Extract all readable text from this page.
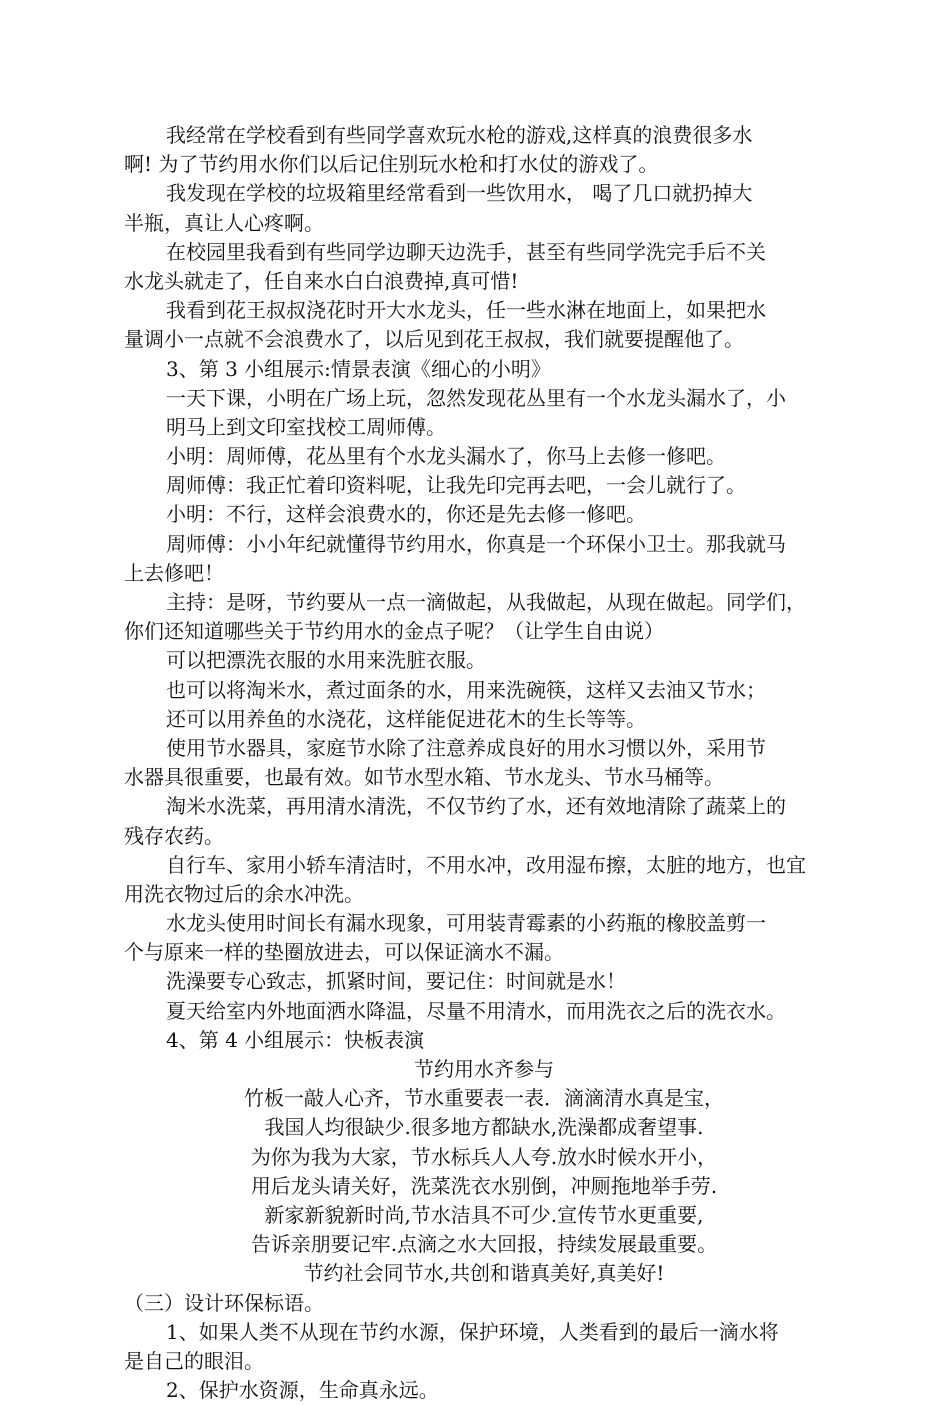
我经常在学校看到有些同学喜欢玩水枪的游戏,这样真的浪费很多水
啊! 为了节约用水你们以后记住别玩水枪和打水仗的游戏了。
我发现在学校的垃圾箱里经常看到一些饮用水， 喝了几口就扔掉大
半瓶，真让人心疼啊。
在校园里我看到有些同学边聊天边洗手，甚至有些同学洗完手后不关
水龙头就走了，任自来水白白浪费掉,真可惜!
我看到花王叔叔浇花时开大水龙头，任一些水淋在地面上，如果把水
量调小一点就不会浪费水了，以后见到花王叔叔，我们就要提醒他了。
3、第 3 小组展示:情景表演《细心的小明》
一天下课，小明在广场上玩，忽然发现花丛里有一个水龙头漏水了，小
明马上到文印室找校工周师傅。
小明：周师傅，花丛里有个水龙头漏水了，你马上去修一修吧。
周师傅：我正忙着印资料呢，让我先印完再去吧，一会儿就行了。
小明：不行，这样会浪费水的，你还是先去修一修吧。
周师傅：小小年纪就懂得节约用水，你真是一个环保小卫士。那我就马
上去修吧！
主持：是呀，节约要从一点一滴做起，从我做起，从现在做起。同学们，
你们还知道哪些关于节约用水的金点子呢？（让学生自由说）
可以把漂洗衣服的水用来洗脏衣服。
也可以将淘米水，煮过面条的水，用来洗碗筷，这样又去油又节水；
还可以用养鱼的水浇花，这样能促进花木的生长等等。
使用节水器具，家庭节水除了注意养成良好的用水习惯以外，采用节
水器具很重要，也最有效。如节水型水箱、节水龙头、节水马桶等。
淘米水洗菜，再用清水清洗，不仅节约了水，还有效地清除了蔬菜上的
残存农药。
自行车、家用小轿车清洁时，不用水冲，改用湿布擦，太脏的地方，也宜
用洗衣物过后的余水冲洗。
水龙头使用时间长有漏水现象，可用装青霉素的小药瓶的橡胶盖剪一
个与原来一样的垫圈放进去，可以保证滴水不漏。
洗澡要专心致志，抓紧时间，要记住：时间就是水！
夏天给室内外地面洒水降温，尽量不用清水，而用洗衣之后的洗衣水。
4、第 4 小组展示：快板表演
节约用水齐参与
竹板一敲人心齐，节水重要表一表．滴滴清水真是宝，
我国人均很缺少.很多地方都缺水,洗澡都成奢望事.
为你为我为大家，节水标兵人人夸.放水时候水开小，
用后龙头请关好，洗菜洗衣水别倒，冲厕拖地举手劳.
新家新貌新时尚,节水洁具不可少.宣传节水更重要,
告诉亲朋要记牢.点滴之水大回报，持续发展最重要。
节约社会同节水,共创和谐真美好,真美好!
（三）设计环保标语。
1、如果人类不从现在节约水源，保护环境，人类看到的最后一滴水将
是自己的眼泪。
2、保护水资源，生命真永远。
